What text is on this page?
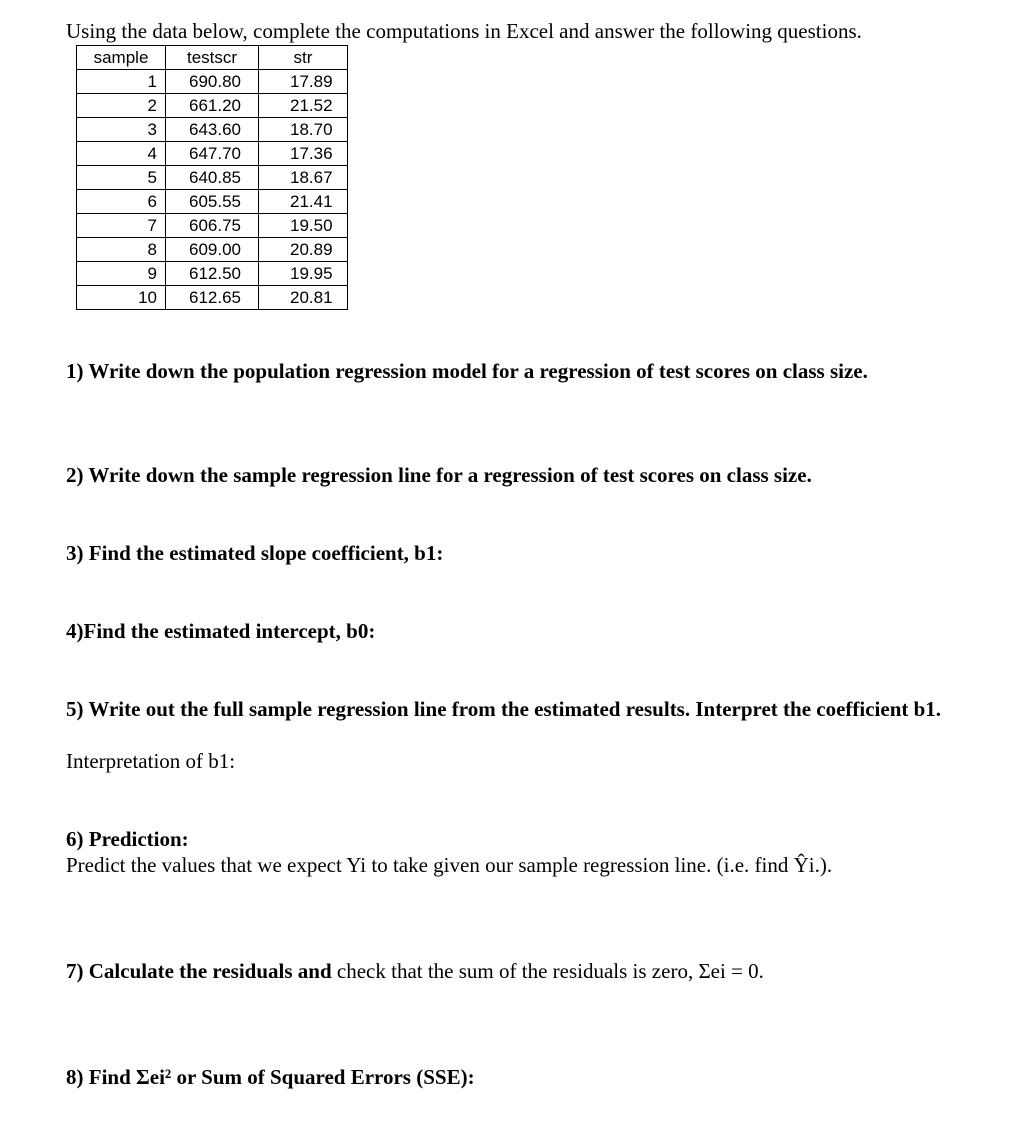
Using the data below, complete the computations in Excel and answer the following questions.
sample	testscr	str
1	690.80	17.89
2	661.20	21.52
3	643.60	18.70
4	647.70	17.36
5	640.85	18.67
6	605.55	21.41
7	606.75	19.50
8	609.00	20.89
9	612.50	19.95
10	612.65	20.81
1) Write down the population regression model for a regression of test scores on class size.
2) Write down the sample regression line for a regression of test scores on class size.
3) Find the estimated slope coefficient, b1:
4)Find the estimated intercept, b0:
5) Write out the full sample regression line from the estimated results. Interpret the coefficient b1.
Interpretation of b1:
6) Prediction:
Predict the values that we expect Yi to take given our sample regression line. (i.e. find Ŷi.).
7) Calculate the residuals and check that the sum of the residuals is zero, Σei = 0.
8) Find Σei² or Sum of Squared Errors (SSE):
